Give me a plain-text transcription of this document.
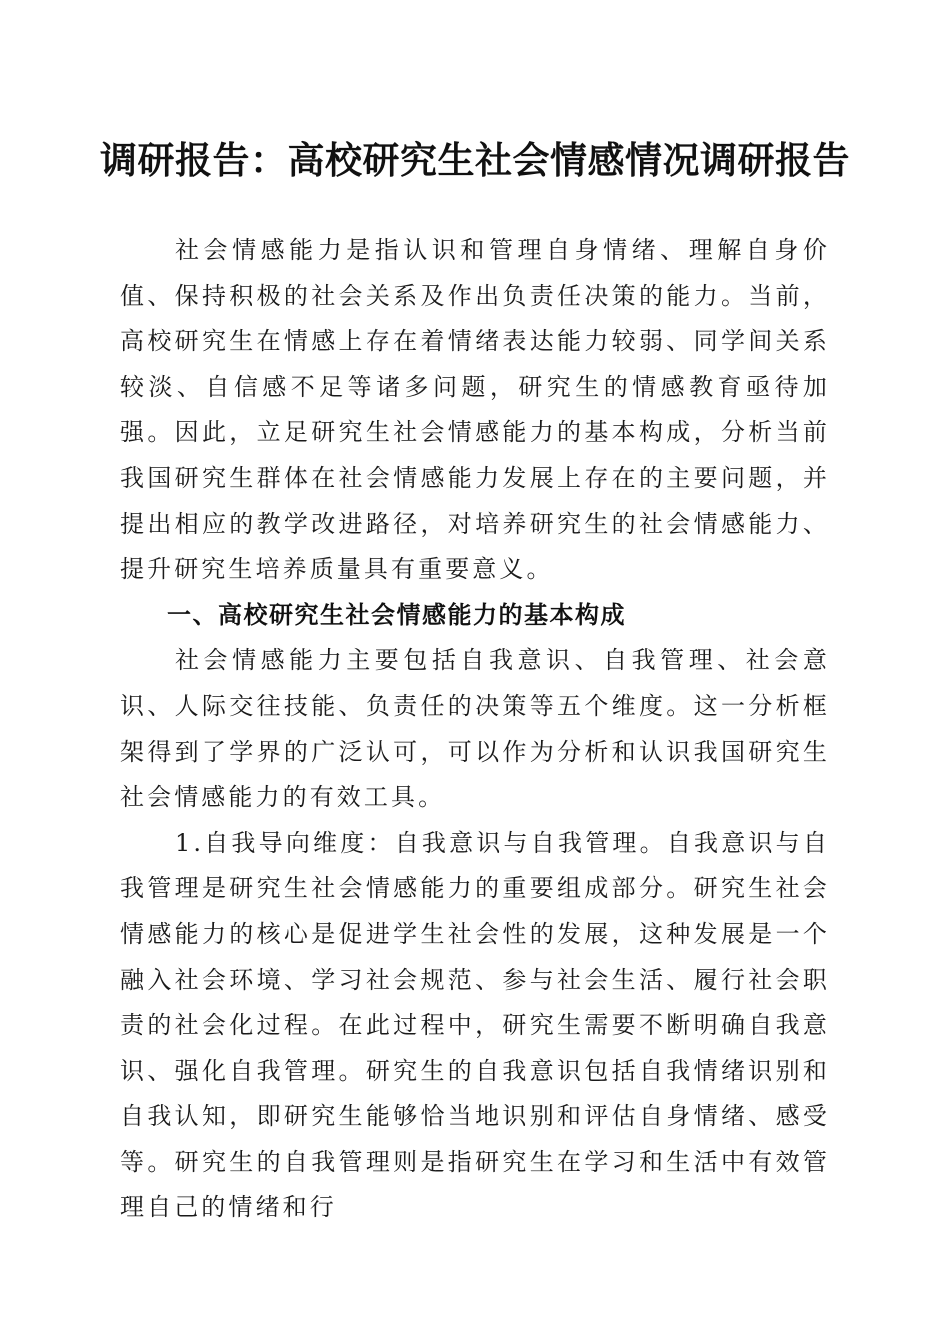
调研报告：高校研究生社会情感情况调研报告

社会情感能力是指认识和管理自身情绪、理解自身价值、保持积极的社会关系及作出负责任决策的能力。当前，高校研究生在情感上存在着情绪表达能力较弱、同学间关系较淡、自信感不足等诸多问题，研究生的情感教育亟待加强。因此，立足研究生社会情感能力的基本构成，分析当前我国研究生群体在社会情感能力发展上存在的主要问题，并提出相应的教学改进路径，对培养研究生的社会情感能力、提升研究生培养质量具有重要意义。

一、高校研究生社会情感能力的基本构成

社会情感能力主要包括自我意识、自我管理、社会意识、人际交往技能、负责任的决策等五个维度。这一分析框架得到了学界的广泛认可，可以作为分析和认识我国研究生社会情感能力的有效工具。

1.自我导向维度：自我意识与自我管理。自我意识与自我管理是研究生社会情感能力的重要组成部分。研究生社会情感能力的核心是促进学生社会性的发展，这种发展是一个融入社会环境、学习社会规范、参与社会生活、履行社会职责的社会化过程。在此过程中，研究生需要不断明确自我意识、强化自我管理。研究生的自我意识包括自我情绪识别和自我认知，即研究生能够恰当地识别和评估自身情绪、感受等。研究生的自我管理则是指研究生在学习和生活中有效管理自己的情绪和行
